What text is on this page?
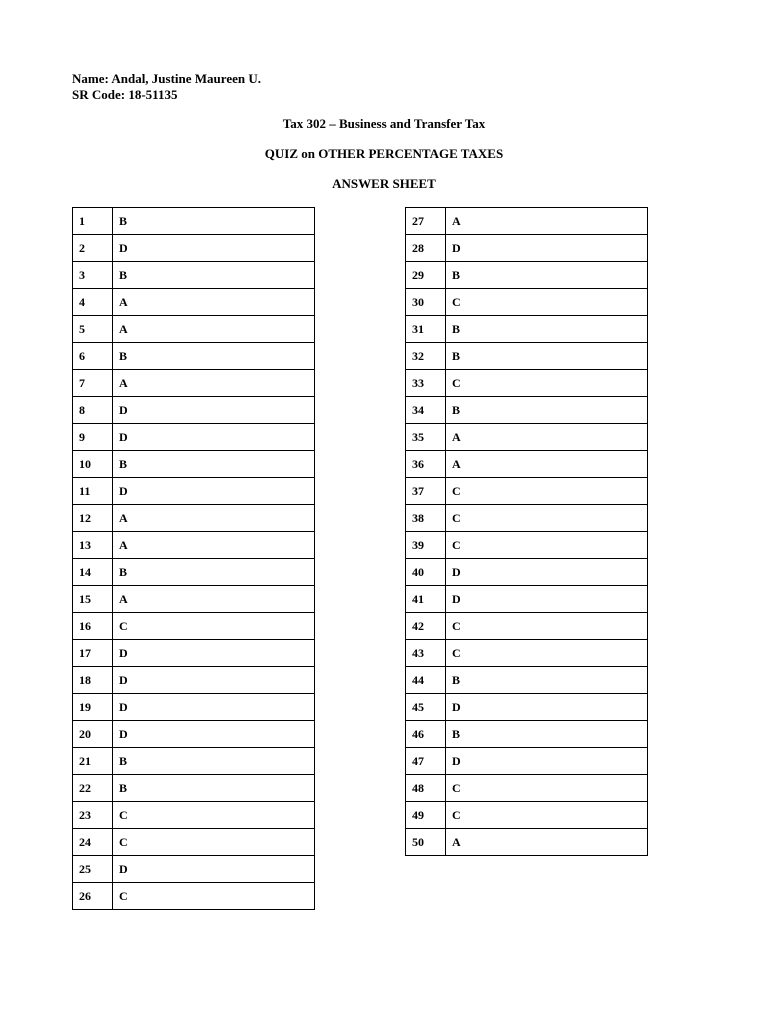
Name: Andal, Justine Maureen U.
SR Code: 18-51135
Tax 302 – Business and Transfer Tax
QUIZ on OTHER PERCENTAGE TAXES
ANSWER SHEET
1	B
2	D
3	B
4	A
5	A
6	B
7	A
8	D
9	D
10	B
11	D
12	A
13	A
14	B
15	A
16	C
17	D
18	D
19	D
20	D
21	B
22	B
23	C
24	C
25	D
26	C
27	A
28	D
29	B
30	C
31	B
32	B
33	C
34	B
35	A
36	A
37	C
38	C
39	C
40	D
41	D
42	C
43	C
44	B
45	D
46	B
47	D
48	C
49	C
50	A
